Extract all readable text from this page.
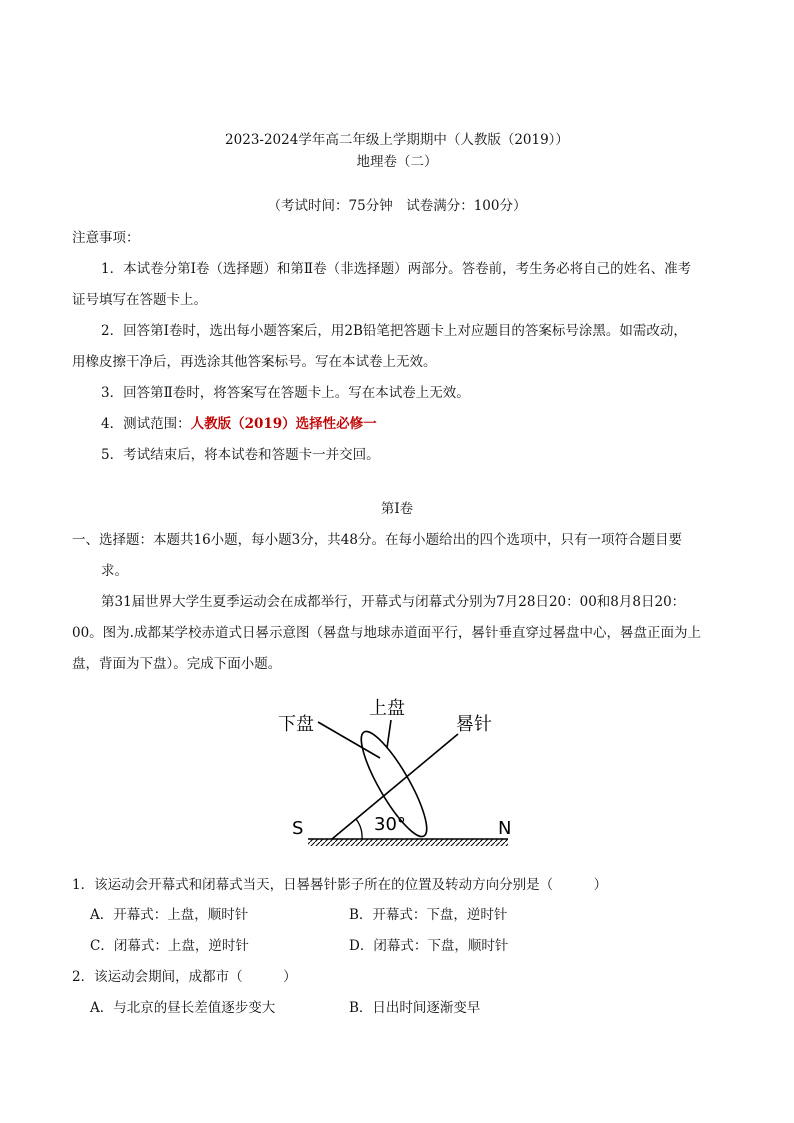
2023-2024学年高二年级上学期期中（人教版（2019））
地理卷（二）
（考试时间：75分钟　试卷满分：100分）
注意事项：
1．本试卷分第Ⅰ卷（选择题）和第Ⅱ卷（非选择题）两部分。答卷前，考生务必将自己的姓名、准考
证号填写在答题卡上。
2．回答第Ⅰ卷时，选出每小题答案后，用2B铅笔把答题卡上对应题目的答案标号涂黑。如需改动，
用橡皮擦干净后，再选涂其他答案标号。写在本试卷上无效。
3．回答第Ⅱ卷时，将答案写在答题卡上。写在本试卷上无效。
4．测试范围：人教版（2019）选择性必修一
5．考试结束后，将本试卷和答题卡一并交回。
第Ⅰ卷
一、选择题：本题共16小题，每小题3分，共48分。在每小题给出的四个选项中，只有一项符合题目要
求。
第31届世界大学生夏季运动会在成都举行，开幕式与闭幕式分别为7月28日20：00和8月8日20：
00。图为.成都某学校赤道式日晷示意图（晷盘与地球赤道面平行，晷针垂直穿过晷盘中心，晷盘正面为上
盘，背面为下盘）。完成下面小题。
下盘
上盘
晷针
S	N
30°
1．该运动会开幕式和闭幕式当天，日晷晷针影子所在的位置及转动方向分别是（　　　）
A．开幕式：上盘，顺时针	B．开幕式：下盘，逆时针
C．闭幕式：上盘，逆时针	D．闭幕式：下盘，顺时针
2．该运动会期间，成都市（　　　）
A．与北京的昼长差值逐步变大	B．日出时间逐渐变早
